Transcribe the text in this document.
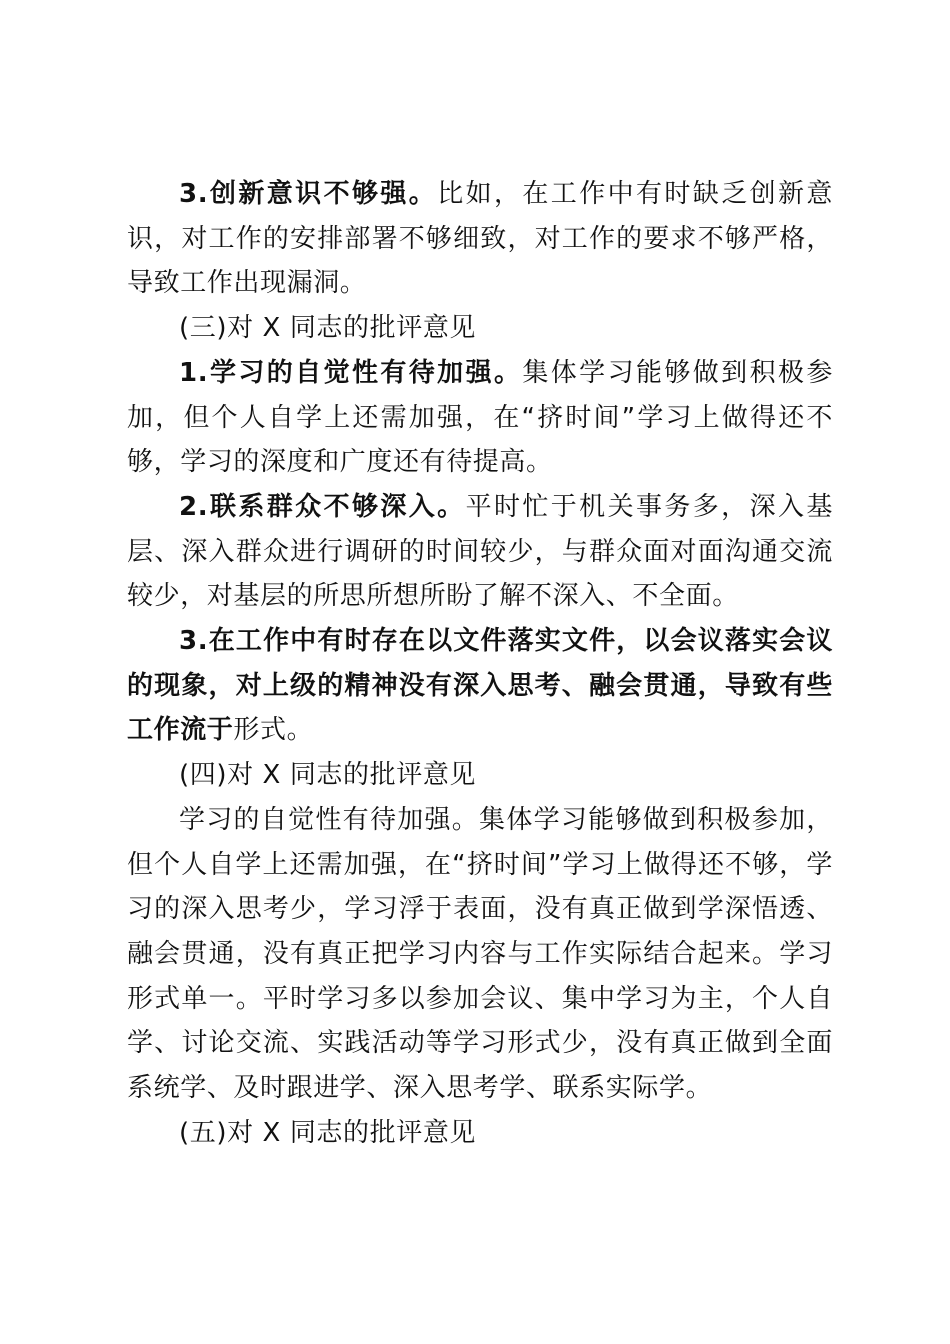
3.创新意识不够强。比如，在工作中有时缺乏创新意识，对工作的安排部署不够细致，对工作的要求不够严格，导致工作出现漏洞。

(三)对 X 同志的批评意见

1.学习的自觉性有待加强。集体学习能够做到积极参加，但个人自学上还需加强，在“挤时间”学习上做得还不够，学习的深度和广度还有待提高。

2.联系群众不够深入。平时忙于机关事务多，深入基层、深入群众进行调研的时间较少，与群众面对面沟通交流较少，对基层的所思所想所盼了解不深入、不全面。

3.在工作中有时存在以文件落实文件，以会议落实会议的现象，对上级的精神没有深入思考、融会贯通，导致有些工作流于形式。

(四)对 X 同志的批评意见

学习的自觉性有待加强。集体学习能够做到积极参加，但个人自学上还需加强，在“挤时间”学习上做得还不够，学习的深入思考少，学习浮于表面，没有真正做到学深悟透、融会贯通，没有真正把学习内容与工作实际结合起来。学习形式单一。平时学习多以参加会议、集中学习为主，个人自学、讨论交流、实践活动等学习形式少，没有真正做到全面系统学、及时跟进学、深入思考学、联系实际学。

(五)对 X 同志的批评意见
